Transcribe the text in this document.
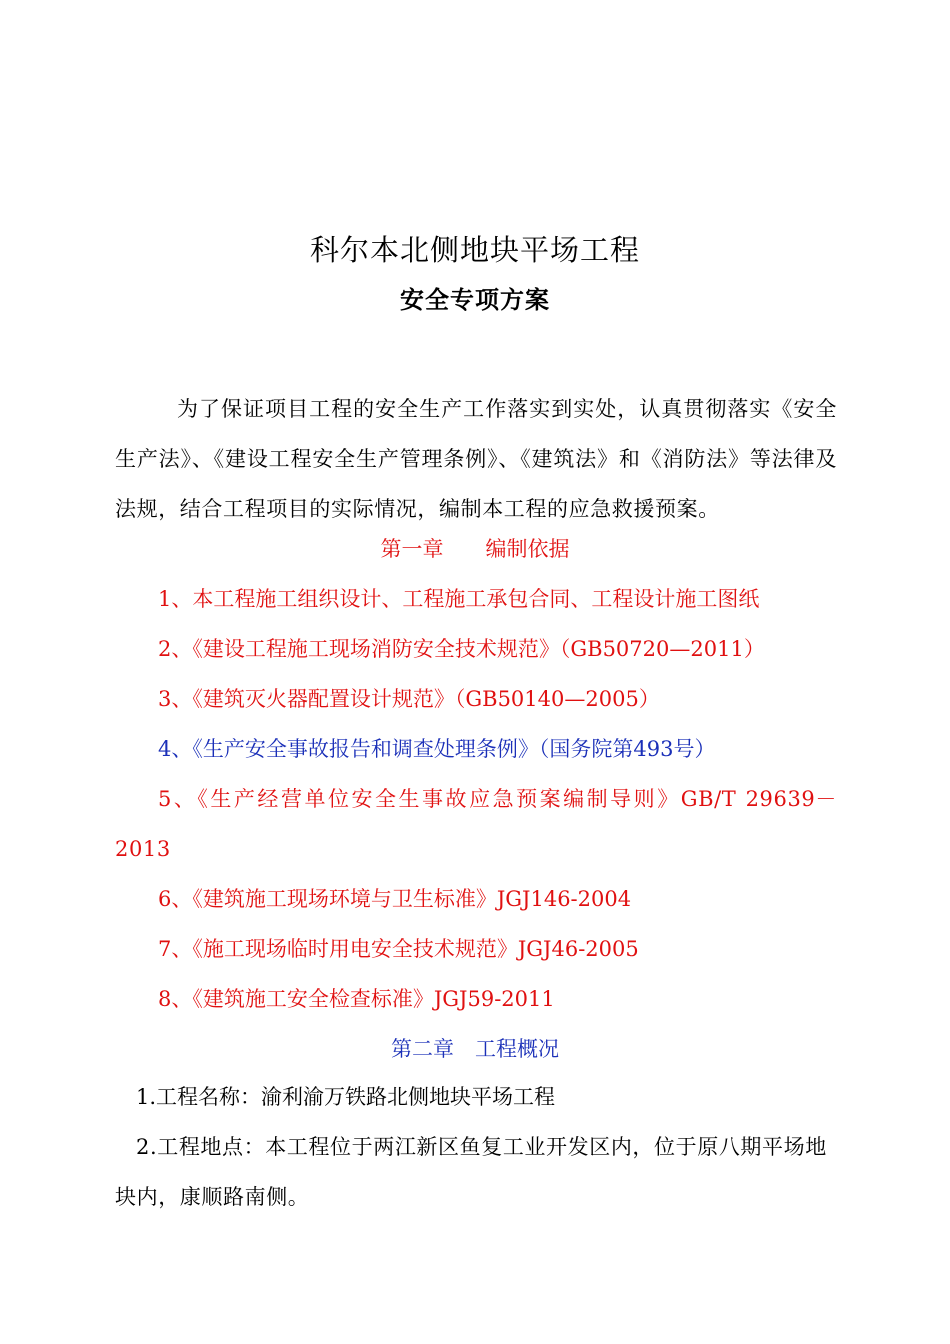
科尔本北侧地块平场工程
安全专项方案
为了保证项目工程的安全生产工作落实到实处，认真贯彻落实《安全生产法》、《建设工程安全生产管理条例》、《建筑法》和《消防法》等法律及法规，结合工程项目的实际情况，编制本工程的应急救援预案。
第一章　　编制依据
1、本工程施工组织设计、工程施工承包合同、工程设计施工图纸
2、《建设工程施工现场消防安全技术规范》（GB50720—2011）
3、《建筑灭火器配置设计规范》（GB50140—2005）
4、《生产安全事故报告和调查处理条例》（国务院第493号）
5、《生产经营单位安全生事故应急预案编制导则》GB/T 29639－2013
6、《建筑施工现场环境与卫生标准》JGJ146-2004
7、《施工现场临时用电安全技术规范》JGJ46-2005
8、《建筑施工安全检查标准》JGJ59-2011
第二章　工程概况
1.工程名称：渝利渝万铁路北侧地块平场工程
2.工程地点：本工程位于两江新区鱼复工业开发区内，位于原八期平场地块内，康顺路南侧。
